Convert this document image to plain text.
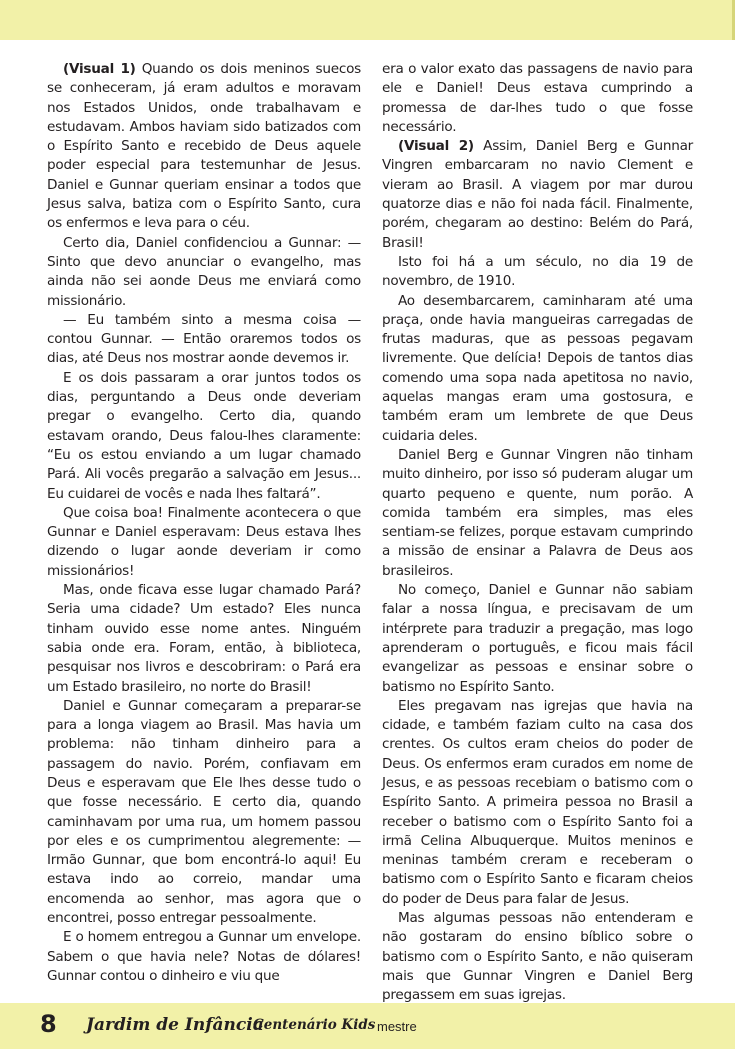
(Visual 1) Quando os dois meninos suecos se conheceram, já eram adultos e moravam nos Estados Unidos, onde trabalhavam e estudavam. Ambos haviam sido batizados com o Espírito Santo e recebido de Deus aquele poder especial para testemunhar de Jesus. Daniel e Gunnar queriam ensinar a todos que Jesus salva, batiza com o Espírito Santo, cura os enfermos e leva para o céu.

Certo dia, Daniel confidenciou a Gunnar: — Sinto que devo anunciar o evangelho, mas ainda não sei aonde Deus me enviará como missionário.

— Eu também sinto a mesma coisa — contou Gunnar. — Então oraremos todos os dias, até Deus nos mostrar aonde devemos ir.

E os dois passaram a orar juntos todos os dias, perguntando a Deus onde deveriam pregar o evangelho. Certo dia, quando estavam orando, Deus falou-lhes claramente: “Eu os estou enviando a um lugar chamado Pará. Ali vocês pregarão a salvação em Jesus... Eu cuidarei de vocês e nada lhes faltará”.

Que coisa boa! Finalmente acontecera o que Gunnar e Daniel esperavam: Deus estava lhes dizendo o lugar aonde deveriam ir como missionários!

Mas, onde ficava esse lugar chamado Pará? Seria uma cidade? Um estado? Eles nunca tinham ouvido esse nome antes. Ninguém sabia onde era. Foram, então, à biblioteca, pesquisar nos livros e descobriram: o Pará era um Estado brasileiro, no norte do Brasil!

Daniel e Gunnar começaram a preparar-se para a longa viagem ao Brasil. Mas havia um problema: não tinham dinheiro para a passagem do navio. Porém, confiavam em Deus e esperavam que Ele lhes desse tudo o que fosse necessário. E certo dia, quando caminhavam por uma rua, um homem passou por eles e os cumprimentou alegremente: — Irmão Gunnar, que bom encontrá-lo aqui! Eu estava indo ao correio, mandar uma encomenda ao senhor, mas agora que o encontrei, posso entregar pessoalmente.

E o homem entregou a Gunnar um envelope. Sabem o que havia nele? Notas de dólares! Gunnar contou o dinheiro e viu que

era o valor exato das passagens de navio para ele e Daniel! Deus estava cumprindo a promessa de dar-lhes tudo o que fosse necessário.

(Visual 2) Assim, Daniel Berg e Gunnar Vingren embarcaram no navio Clement e vieram ao Brasil. A viagem por mar durou quatorze dias e não foi nada fácil. Finalmente, porém, chegaram ao destino: Belém do Pará, Brasil!

Isto foi há a um século, no dia 19 de novembro, de 1910.

Ao desembarcarem, caminharam até uma praça, onde havia mangueiras carregadas de frutas maduras, que as pessoas pegavam livremente. Que delícia! Depois de tantos dias comendo uma sopa nada apetitosa no navio, aquelas mangas eram uma gostosura, e também eram um lembrete de que Deus cuidaria deles.

Daniel Berg e Gunnar Vingren não tinham muito dinheiro, por isso só puderam alugar um quarto pequeno e quente, num porão. A comida também era simples, mas eles sentiam-se felizes, porque estavam cumprindo a missão de ensinar a Palavra de Deus aos brasileiros.

No começo, Daniel e Gunnar não sabiam falar a nossa língua, e precisavam de um intérprete para traduzir a pregação, mas logo aprenderam o português, e ficou mais fácil evangelizar as pessoas e ensinar sobre o batismo no Espírito Santo.

Eles pregavam nas igrejas que havia na cidade, e também faziam culto na casa dos crentes. Os cultos eram cheios do poder de Deus. Os enfermos eram curados em nome de Jesus, e as pessoas recebiam o batismo com o Espírito Santo. A primeira pessoa no Brasil a receber o batismo com o Espírito Santo foi a irmã Celina Albuquerque. Muitos meninos e meninas também creram e receberam o batismo com o Espírito Santo e ficaram cheios do poder de Deus para falar de Jesus.

Mas algumas pessoas não entenderam e não gostaram do ensino bíblico sobre o batismo com o Espírito Santo, e não quiseram mais que Gunnar Vingren e Daniel Berg pregassem em suas igrejas.

8 Jardim de Infância
Centenário Kids mestre
